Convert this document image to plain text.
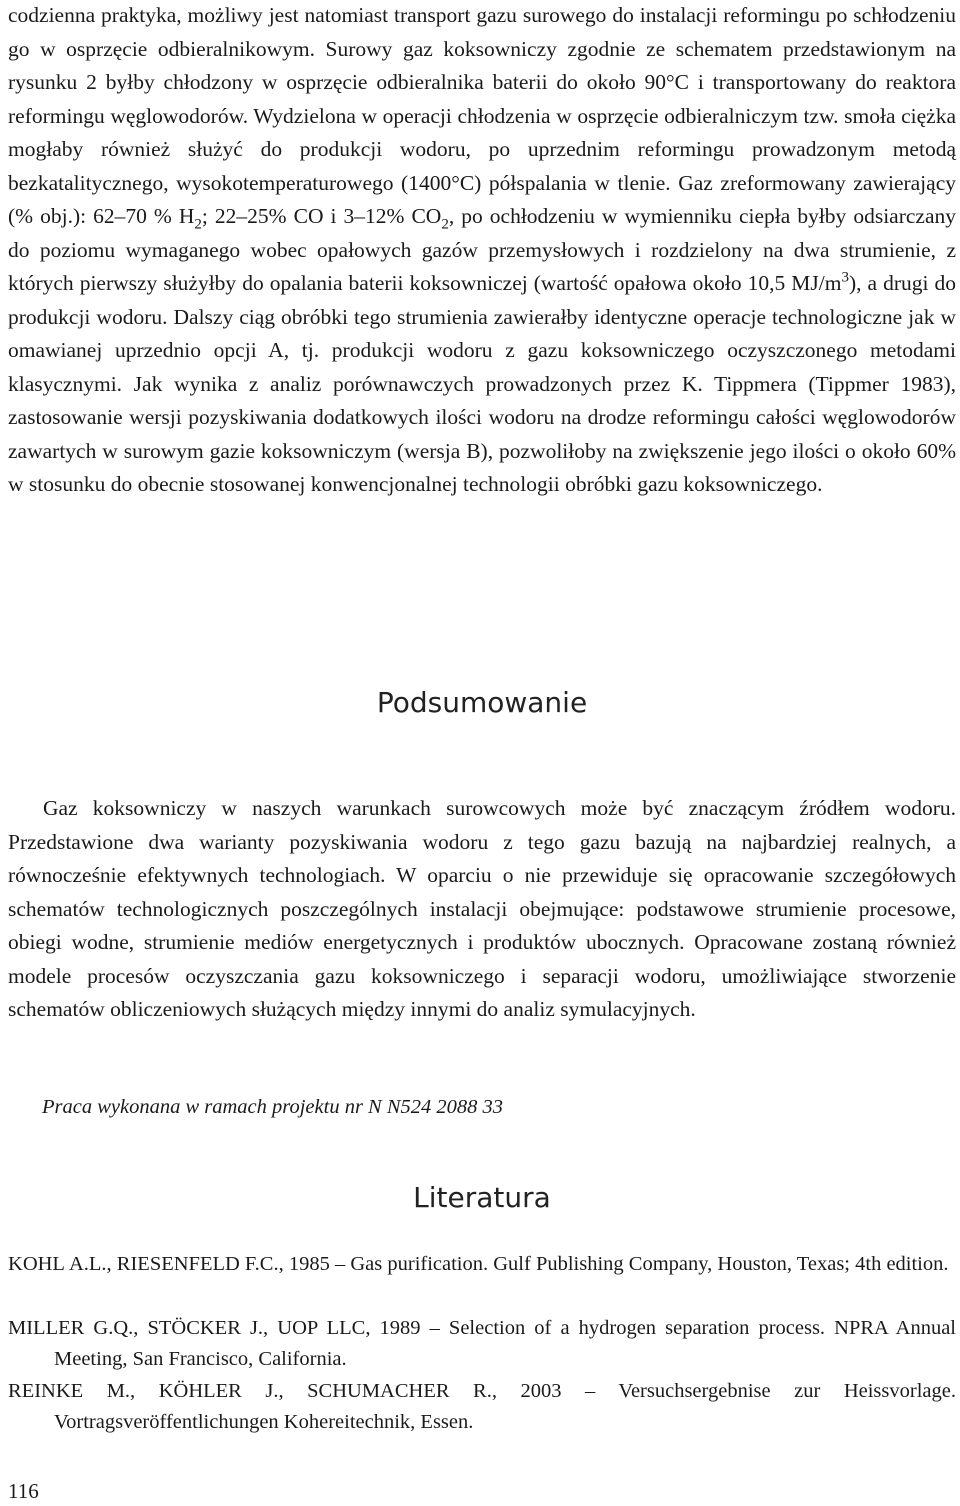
codzienna praktyka, możliwy jest natomiast transport gazu surowego do instalacji reformingu po schłodzeniu go w osprzęcie odbieralnikowym. Surowy gaz koksowniczy zgodnie ze schematem przedstawionym na rysunku 2 byłby chłodzony w osprzęcie odbieralnika baterii do około 90°C i transportowany do reaktora reformingu węglowodorów. Wydzielona w operacji chłodzenia w osprzęcie odbieralniczym tzw. smoła ciężka mogłaby również służyć do produkcji wodoru, po uprzednim reformingu prowadzonym metodą bezkatalitycznego, wysokotemperaturowego (1400°C) półspalania w tlenie. Gaz zreformowany zawierający (% obj.): 62–70 % $H_2$; 22–25% CO i 3–12% $CO_2$, po ochłodzeniu w wymienniku ciepła byłby odsiarczany do poziomu wymaganego wobec opałowych gazów przemysłowych i rozdzielony na dwa strumienie, z których pierwszy służyłby do opalania baterii koksowniczej (wartość opałowa około 10,5 $MJ/m^3$), a drugi do produkcji wodoru. Dalszy ciąg obróbki tego strumienia zawierałby identyczne operacje technologiczne jak w omawianej uprzednio opcji A, tj. produkcji wodoru z gazu koksowniczego oczyszczonego metodami klasycznymi. Jak wynika z analiz porównawczych prowadzonych przez K. Tippmera (Tippmer 1983), zastosowanie wersji pozyskiwania dodatkowych ilości wodoru na drodze reformingu całości węglowodorów zawartych w surowym gazie koksowniczym (wersja B), pozwoliłoby na zwiększenie jego ilości o około 60% w stosunku do obecnie stosowanej konwencjonalnej technologii obróbki gazu koksowniczego.

Podsumowanie

Gaz koksowniczy w naszych warunkach surowcowych może być znaczącym źródłem wodoru. Przedstawione dwa warianty pozyskiwania wodoru z tego gazu bazują na najbardziej realnych, a równocześnie efektywnych technologiach. W oparciu o nie przewiduje się opracowanie szczegółowych schematów technologicznych poszczególnych instalacji obejmujące: podstawowe strumienie procesowe, obiegi wodne, strumienie mediów energetycznych i produktów ubocznych. Opracowane zostaną również modele procesów oczyszczania gazu koksowniczego i separacji wodoru, umożliwiające stworzenie schematów obliczeniowych służących między innymi do analiz symulacyjnych.

Praca wykonana w ramach projektu nr N N524 2088 33

Literatura

KOHL A.L., RIESENFELD F.C., 1985 – Gas purification. Gulf Publishing Company, Houston, Texas; 4th edition.

MILLER G.Q., STÖCKER J., UOP LLC, 1989 – Selection of a hydrogen separation process. NPRA Annual Meeting, San Francisco, California.

REINKE M., KÖHLER J., SCHUMACHER R., 2003 – Versuchsergebnise zur Heissvorlage. Vortragsveröffentlichungen Kohereitechnik, Essen.

116
